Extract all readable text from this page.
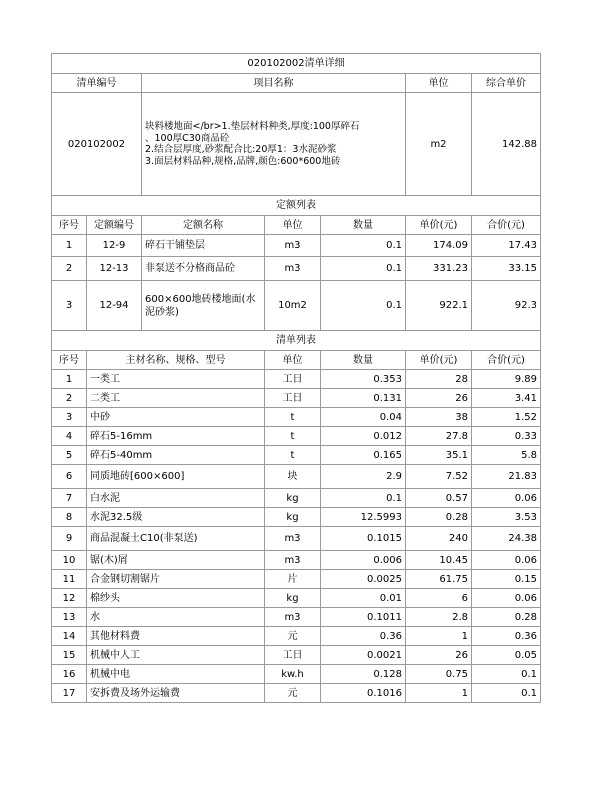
020102002清单详细						
清单编号		项目名称			单位	综合单价
020102002		块料楼地面</br>1.垫层材料种类,厚度:100厚碎石
、100厚C30商品砼
2.结合层厚度,砂浆配合比:20厚1：3水泥砂浆
3.面层材料品种,规格,品牌,颜色:600*600地砖			m2	142.88
定额列表						
序号	定额编号	定额名称	单位	数量	单价(元)	合价(元)
1	12-9	碎石干铺垫层	m3	0.1	174.09	17.43
2	12-13	非泵送不分格商品砼	m3	0.1	331.23	33.15
3	12-94	600×600地砖楼地面(水泥砂浆)	10m2	0.1	922.1	92.3
清单列表						
序号	主材名称、规格、型号		单位	数量	单价(元)	合价(元)
1	一类工		工日	0.353	28	9.89
2	二类工		工日	0.131	26	3.41
3	中砂		t	0.04	38	1.52
4	碎石5-16mm		t	0.012	27.8	0.33
5	碎石5-40mm		t	0.165	35.1	5.8
6	同质地砖[600×600]		块	2.9	7.52	21.83
7	白水泥		kg	0.1	0.57	0.06
8	水泥32.5级		kg	12.5993	0.28	3.53
9	商品混凝土C10(非泵送)		m3	0.1015	240	24.38
10	锯(木)屑		m3	0.006	10.45	0.06
11	合金钢切割锯片		片	0.0025	61.75	0.15
12	棉纱头		kg	0.01	6	0.06
13	水		m3	0.1011	2.8	0.28
14	其他材料费		元	0.36	1	0.36
15	机械中人工		工日	0.0021	26	0.05
16	机械中电		kw.h	0.128	0.75	0.1
17	安拆费及场外运输费		元	0.1016	1	0.1
